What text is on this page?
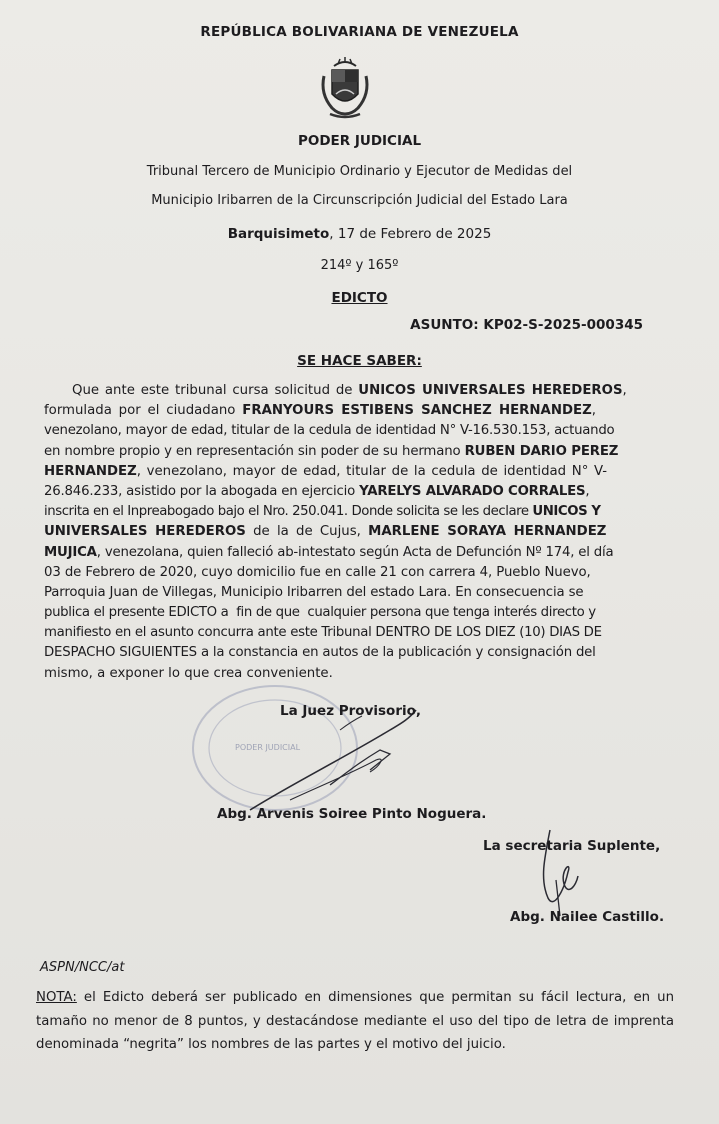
REPÚBLICA BOLIVARIANA DE VENEZUELA
PODER JUDICIAL
Tribunal Tercero de Municipio Ordinario y Ejecutor de Medidas del
Municipio Iribarren de la Circunscripción Judicial del Estado Lara
Barquisimeto, 17 de Febrero de 2025
214º y 165º
EDICTO
ASUNTO: KP02-S-2025-000345
SE HACE SABER:
Que ante este tribunal cursa solicitud de UNICOS UNIVERSALES HEREDEROS,
formulada por el ciudadano FRANYOURS ESTIBENS SANCHEZ HERNANDEZ,
venezolano, mayor de edad, titular de la cedula de identidad N° V-16.530.153, actuando
en nombre propio y en representación sin poder de su hermano RUBEN DARIO PEREZ
HERNANDEZ, venezolano, mayor de edad, titular de la cedula de identidad N° V-
26.846.233, asistido por la abogada en ejercicio YARELYS ALVARADO CORRALES,
inscrita en el Inpreabogado bajo el Nro. 250.041. Donde solicita se les declare UNICOS Y
UNIVERSALES HEREDEROS de la de Cujus, MARLENE SORAYA HERNANDEZ
MUJICA, venezolana, quien falleció ab-intestato según Acta de Defunción Nº 174, el día
03 de Febrero de 2020, cuyo domicilio fue en calle 21 con carrera 4, Pueblo Nuevo,
Parroquia Juan de Villegas, Municipio Iribarren del estado Lara. En consecuencia se
publica el presente EDICTO a  fin de que  cualquier persona que tenga interés directo y
manifiesto en el asunto concurra ante este Tribunal DENTRO DE LOS DIEZ (10) DIAS DE
DESPACHO SIGUIENTES a la constancia en autos de la publicación y consignación del
mismo, a exponer lo que crea conveniente.
PODER JUDICIAL
La Juez Provisorio,
Abg. Arvenis Soiree Pinto Noguera.
La secretaria Suplente,
Abg. Nailee Castillo.
ASPN/NCC/at
NOTA: el Edicto deberá ser publicado en dimensiones que permitan su fácil lectura, en un tamaño no menor de 8 puntos, y destacándose mediante el uso del tipo de letra de imprenta denominada “negrita” los nombres de las partes y el motivo del juicio.
